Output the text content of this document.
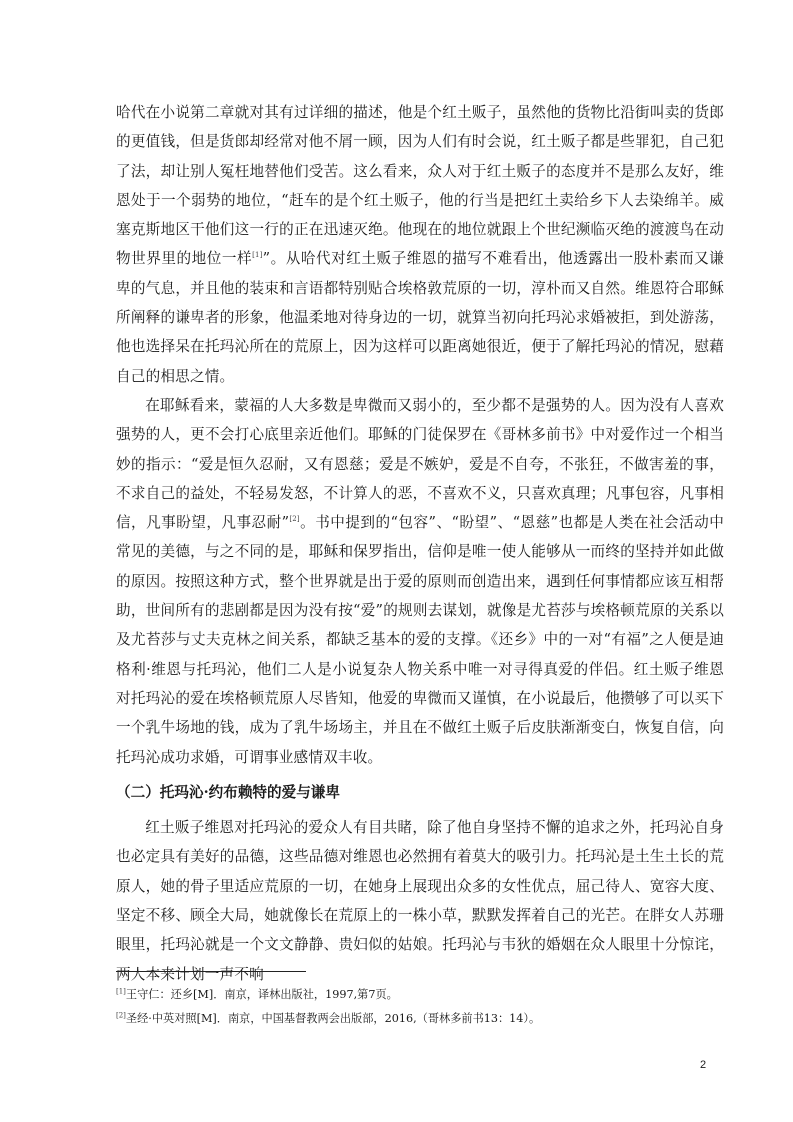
哈代在小说第二章就对其有过详细的描述，他是个红土贩子，虽然他的货物比沿街叫卖的货郎的更值钱，但是货郎却经常对他不屑一顾，因为人们有时会说，红土贩子都是些罪犯，自己犯了法，却让别人冤枉地替他们受苦。这么看来，众人对于红土贩子的态度并不是那么友好，维恩处于一个弱势的地位，“赶车的是个红土贩子，他的行当是把红土卖给乡下人去染绵羊。威塞克斯地区干他们这一行的正在迅速灭绝。他现在的地位就跟上个世纪濒临灭绝的渡渡鸟在动物世界里的地位一样[1]”。从哈代对红土贩子维恩的描写不难看出，他透露出一股朴素而又谦卑的气息，并且他的装束和言语都特别贴合埃格敦荒原的一切，淳朴而又自然。维恩符合耶稣所阐释的谦卑者的形象，他温柔地对待身边的一切，就算当初向托玛沁求婚被拒，到处游荡，他也选择呆在托玛沁所在的荒原上，因为这样可以距离她很近，便于了解托玛沁的情况，慰藉自己的相思之情。

在耶稣看来，蒙福的人大多数是卑微而又弱小的，至少都不是强势的人。因为没有人喜欢强势的人，更不会打心底里亲近他们。耶稣的门徒保罗在《哥林多前书》中对爱作过一个相当妙的指示：“爱是恒久忍耐，又有恩慈；爱是不嫉妒，爱是不自夸，不张狂，不做害羞的事，不求自己的益处，不轻易发怒，不计算人的恶，不喜欢不义，只喜欢真理；凡事包容，凡事相信，凡事盼望，凡事忍耐”[2]。书中提到的“包容”、“盼望”、“恩慈”也都是人类在社会活动中常见的美德，与之不同的是，耶稣和保罗指出，信仰是唯一使人能够从一而终的坚持并如此做的原因。按照这种方式，整个世界就是出于爱的原则而创造出来，遇到任何事情都应该互相帮助，世间所有的悲剧都是因为没有按“爱”的规则去谋划，就像是尤苔莎与埃格顿荒原的关系以及尤苔莎与丈夫克林之间关系，都缺乏基本的爱的支撑。《还乡》中的一对“有福”之人便是迪格利·维恩与托玛沁，他们二人是小说复杂人物关系中唯一对寻得真爱的伴侣。红土贩子维恩对托玛沁的爱在埃格顿荒原人尽皆知，他爱的卑微而又谨慎，在小说最后，他攒够了可以买下一个乳牛场地的钱，成为了乳牛场场主，并且在不做红土贩子后皮肤渐渐变白，恢复自信，向托玛沁成功求婚，可谓事业感情双丰收。

（二）托玛沁·约布赖特的爱与谦卑

红土贩子维恩对托玛沁的爱众人有目共睹，除了他自身坚持不懈的追求之外，托玛沁自身也必定具有美好的品德，这些品德对维恩也必然拥有着莫大的吸引力。托玛沁是土生土长的荒原人，她的骨子里适应荒原的一切，在她身上展现出众多的女性优点，屈己待人、宽容大度、坚定不移、顾全大局，她就像长在荒原上的一株小草，默默发挥着自己的光芒。在胖女人苏珊眼里，托玛沁就是一个文文静静、贵妇似的姑娘。托玛沁与韦狄的婚姻在众人眼里十分惊诧，两人本来计划一声不响

[1]王守仁：还乡[M]．南京，译林出版社，1997,第7页。

[2]圣经·中英对照[M]．南京，中国基督教两会出版部，2016,（哥林多前书13：14）。

2
